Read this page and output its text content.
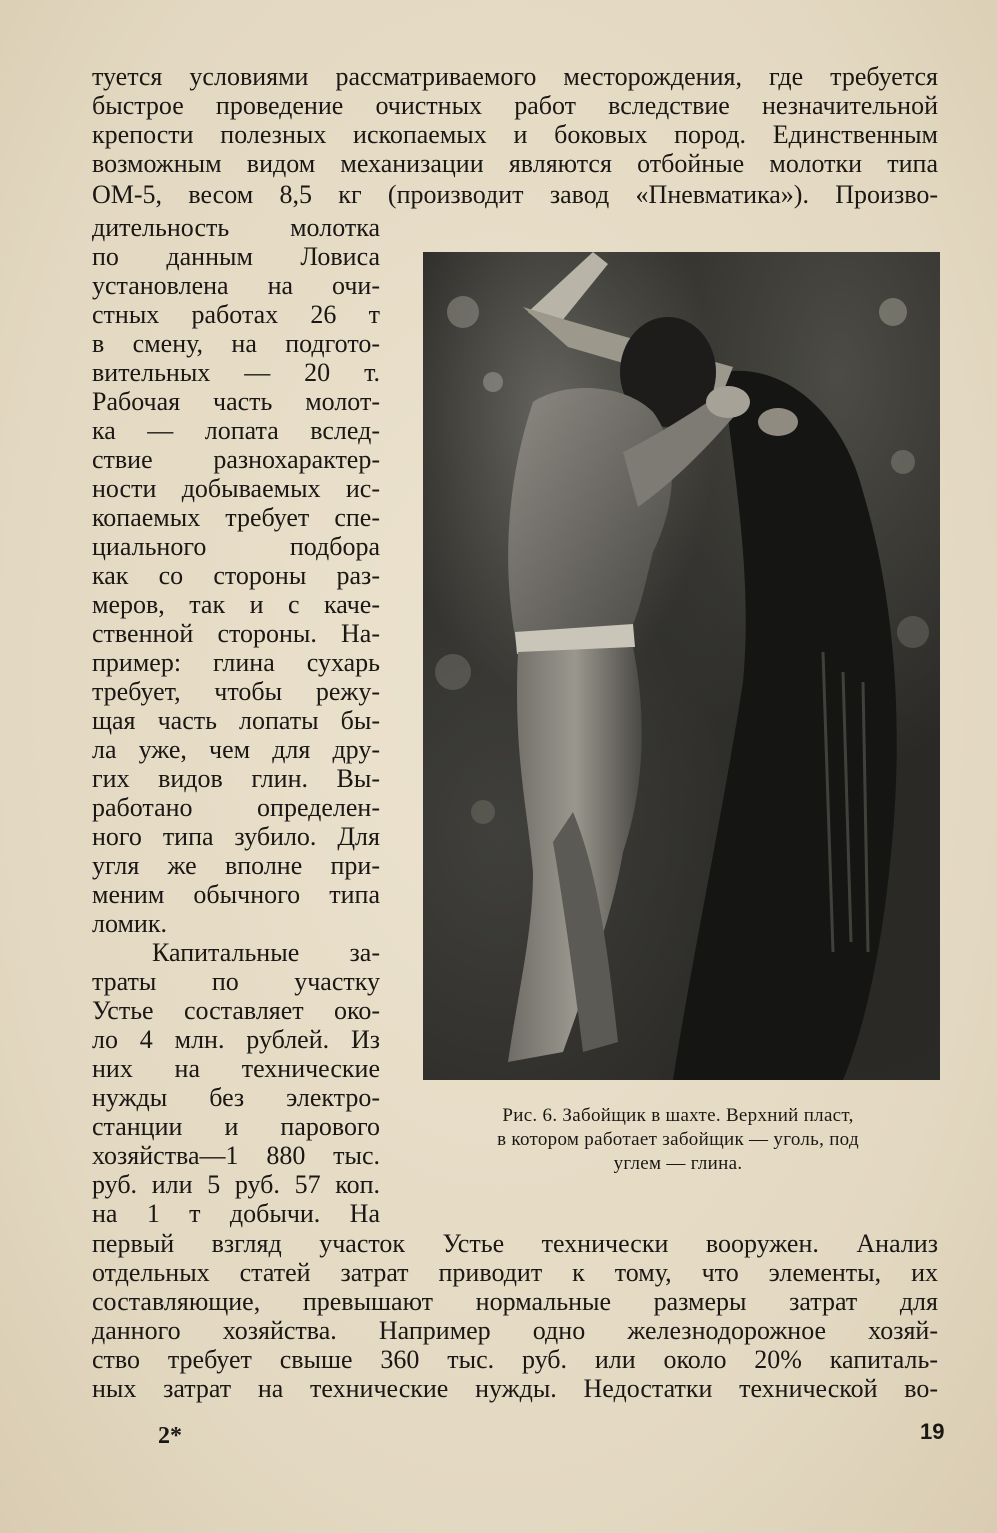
туется условиями рассматриваемого месторождения, где требуется
быстрое проведение очистных работ вследствие незначительной
крепости полезных ископаемых и боковых пород. Единственным
возможным видом механизации являются отбойные молотки типа
ОМ-5, весом 8,5 кг (производит завод «Пневматика»). Произво-
дительность молотка
по данным Ловиса
установлена на очи-
стных работах 26 т
в смену, на подгото-
вительных — 20 т.
Рабочая часть молот-
ка — лопата вслед-
ствие разнохарактер-
ности добываемых ис-
копаемых требует спе-
циального подбора
как со стороны раз-
меров, так и с каче-
ственной стороны. На-
пример: глина сухарь
требует, чтобы режу-
щая часть лопаты бы-
ла уже, чем для дру-
гих видов глин. Вы-
работано определен-
ного типа зубило. Для
угля же вполне при-
меним обычного типа
ломик.
Капитальные за-
траты по участку
Устье составляет око-
ло 4 млн. рублей. Из
них на технические
нужды без электро-
станции и парового
хозяйства—1 880 тыс.
руб. или 5 руб. 57 коп.
на 1 т добычи. На
Рис. 6. Забойщик в шахте. Верхний пласт,
в котором работает забойщик — уголь, под
углем — глина.
первый взгляд участок Устье технически вооружен. Анализ
отдельных статей затрат приводит к тому, что элементы, их
составляющие, превышают нормальные размеры затрат для
данного хозяйства. Например одно железнодорожное хозяй-
ство требует свыше 360 тыс. руб. или около 20% капиталь-
ных затрат на технические нужды. Недостатки технической во-
2*	19
